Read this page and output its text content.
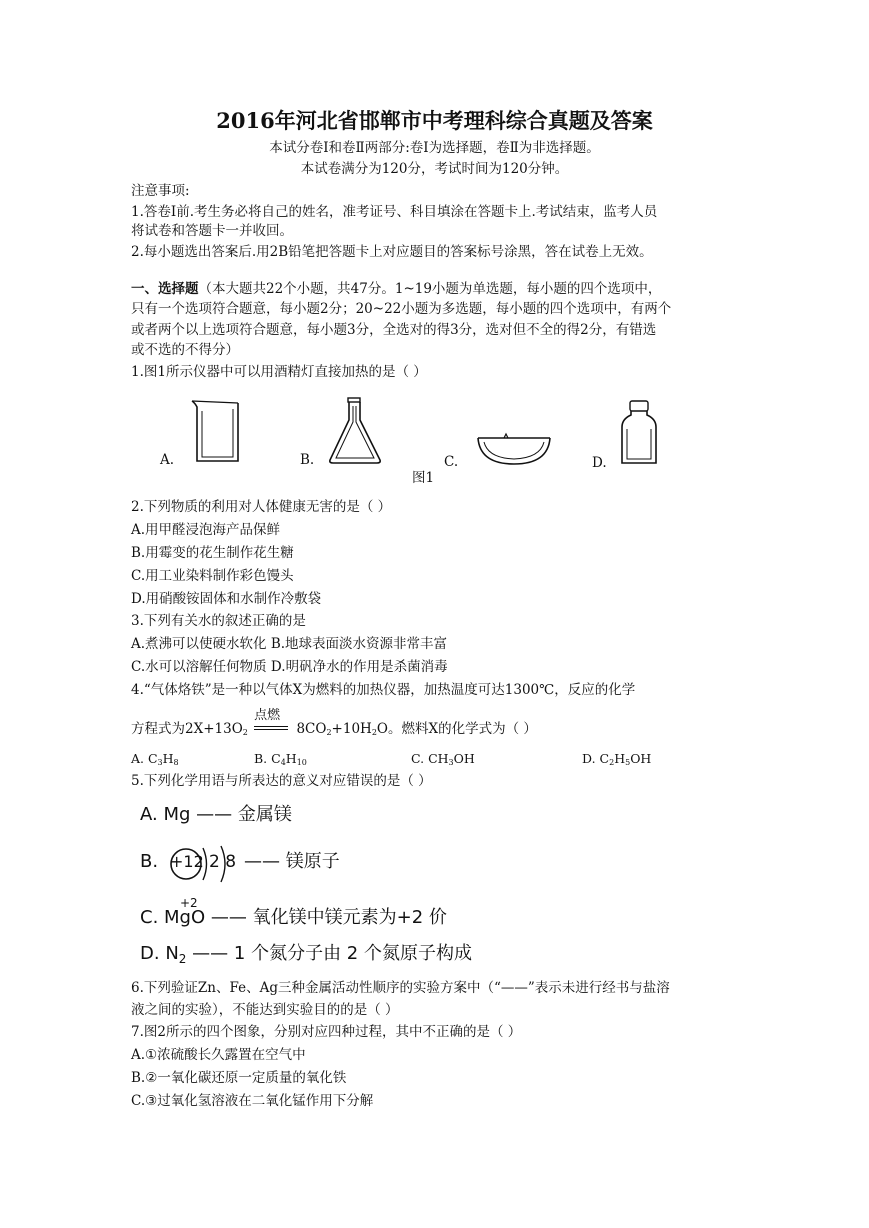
2016年河北省邯郸市中考理科综合真题及答案
本试分卷Ⅰ和卷Ⅱ两部分:卷Ⅰ为选择题，卷Ⅱ为非选择题。
本试卷满分为120分，考试时间为120分钟。
注意事项:
1.答卷Ⅰ前.考生务必将自己的姓名，准考证号、科目填涂在答题卡上.考试结束，监考人员
将试卷和答题卡一并收回。
2.每小题选出答案后.用2B铅笔把答题卡上对应题目的答案标号涂黑，答在试卷上无效。
一、选择题（本大题共22个小题，共47分。1~19小题为单选题，每小题的四个选项中，
只有一个选项符合题意，每小题2分；20~22小题为多选题，每小题的四个选项中，有两个
或者两个以上选项符合题意，每小题3分，全选对的得3分，选对但不全的得2分，有错选
或不选的不得分）
1.图1所示仪器中可以用酒精灯直接加热的是（ ）
A.	B.	C.	D.
图1
2.下列物质的利用对人体健康无害的是（ ）
A.用甲醛浸泡海产品保鲜
B.用霉变的花生制作花生糖
C.用工业染料制作彩色馒头
D.用硝酸铵固体和水制作冷敷袋
3.下列有关水的叙述正确的是
A.煮沸可以使硬水软化 B.地球表面淡水资源非常丰富
C.水可以溶解任何物质 D.明矾净水的作用是杀菌消毒
4.“气体烙铁”是一种以气体X为燃料的加热仪器，加热温度可达1300℃，反应的化学
方程式为$2X+13O_2$
点燃
$8CO_2+10H_2O$。燃料X的化学式为（ ）
A. $C_3H_8$	B. $C_4H_{10}$	C. $CH_3OH$	D. $C_2H_5OH$
5.下列化学用语与所表达的意义对应错误的是（ ）
A. Mg —— 金属镁
B. +12 2 8 —— 镁原子
+2
C. MgO —— 氧化镁中镁元素为+2 价
D. $N_2$ —— 1 个氮分子由 2 个氮原子构成
6.下列验证Zn、Fe、Ag三种金属活动性顺序的实验方案中（“——”表示未进行经书与盐溶
液之间的实验），不能达到实验目的的是（ ）
7.图2所示的四个图象，分别对应四种过程，其中不正确的是（ ）
A.①浓硫酸长久露置在空气中
B.②一氧化碳还原一定质量的氧化铁
C.③过氧化氢溶液在二氧化锰作用下分解
